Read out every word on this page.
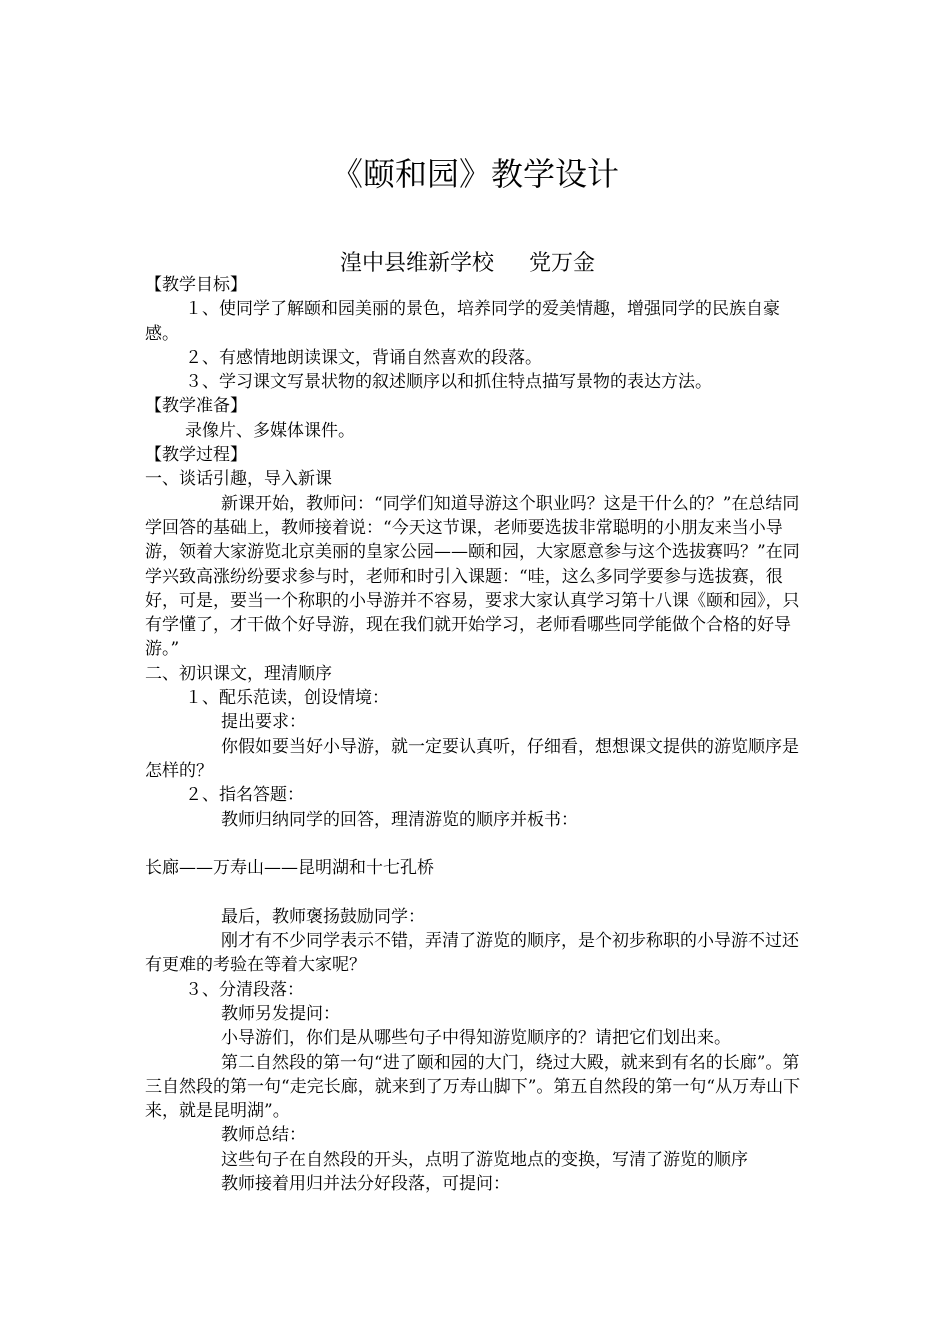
《颐和园》教学设计
湟中县维新学校     党万金

【教学目标】

１、使同学了解颐和园美丽的景色，培养同学的爱美情趣，增强同学的民族自豪感。

２、有感情地朗读课文，背诵自然喜欢的段落。

３、学习课文写景状物的叙述顺序以和抓住特点描写景物的表达方法。

【教学准备】

录像片、多媒体课件。

【教学过程】

一、谈话引趣，导入新课

新课开始，教师问：“同学们知道导游这个职业吗？这是干什么的？”在总结同学回答的基础上，教师接着说：“今天这节课，老师要选拔非常聪明的小朋友来当小导游，领着大家游览北京美丽的皇家公园——颐和园，大家愿意参与这个选拔赛吗？”在同学兴致高涨纷纷要求参与时，老师和时引入课题：“哇，这么多同学要参与选拔赛，很好，可是，要当一个称职的小导游并不容易，要求大家认真学习第十八课《颐和园》，只有学懂了，才干做个好导游，现在我们就开始学习，老师看哪些同学能做个合格的好导游。”

二、初识课文，理清顺序

１、配乐范读，创设情境：

提出要求：

你假如要当好小导游，就一定要认真听，仔细看，想想课文提供的游览顺序是怎样的？

２、指名答题：

教师归纳同学的回答，理清游览的顺序并板书：

长廊——万寿山——昆明湖和十七孔桥

最后，教师褒扬鼓励同学：

刚才有不少同学表示不错，弄清了游览的顺序，是个初步称职的小导游不过还有更难的考验在等着大家呢？

３、分清段落：

教师另发提问：

小导游们，你们是从哪些句子中得知游览顺序的？请把它们划出来。

第二自然段的第一句“进了颐和园的大门，绕过大殿，就来到有名的长廊”。第三自然段的第一句“走完长廊，就来到了万寿山脚下”。第五自然段的第一句“从万寿山下来，就是昆明湖”。

教师总结：

这些句子在自然段的开头，点明了游览地点的变换，写清了游览的顺序

教师接着用归并法分好段落，可提问：
